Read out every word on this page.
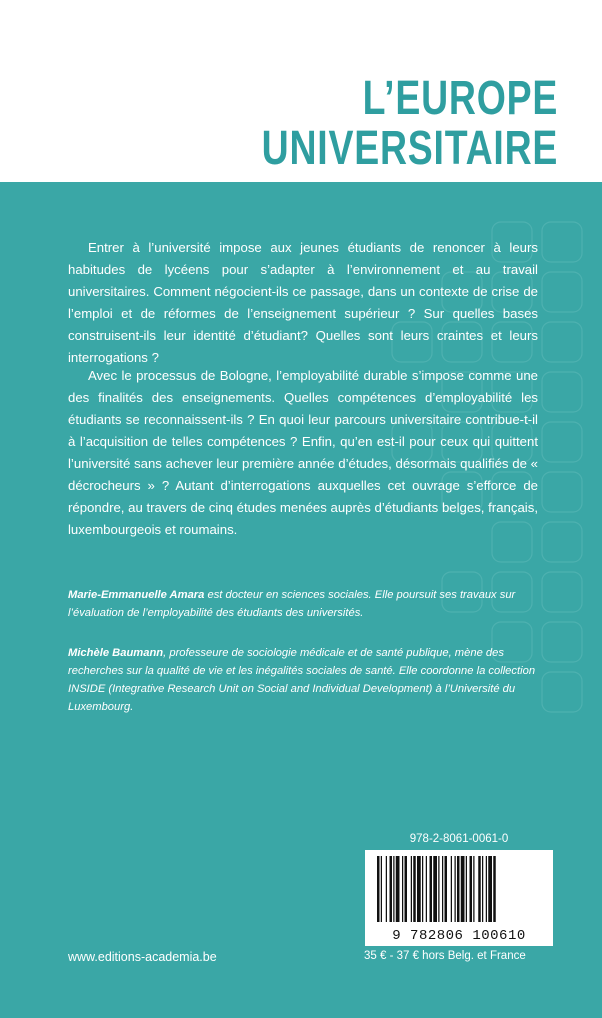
L’EUROPE
UNIVERSITAIRE

Entrer à l’université impose aux jeunes étudiants de renoncer à leurs habitudes de lycéens pour s’adapter à l’environnement et au travail universitaires. Comment négocient-ils ce passage, dans un contexte de crise de l’emploi et de réformes de l’enseignement supérieur ? Sur quelles bases construisent-ils leur identité d’étudiant? Quelles sont leurs craintes et leurs interrogations ?

Avec le processus de Bologne, l’employabilité durable s’impose comme une des finalités des enseignements. Quelles compétences d’employabilité les étudiants se reconnaissent-ils ? En quoi leur parcours universitaire contribue-t-il à l’acquisition de telles compétences ? Enfin, qu’en est-il pour ceux qui quittent l’université sans achever leur première année d’études, désormais qualifiés de « décrocheurs » ? Autant d’interrogations auxquelles cet ouvrage s’efforce de répondre, au travers de cinq études menées auprès d’étudiants belges, français, luxembourgeois et roumains.

Marie-Emmanuelle Amara est docteur en sciences sociales. Elle poursuit ses travaux sur l’évaluation de l’employabilité des étudiants des universités.

Michèle Baumann, professeure de sociologie médicale et de santé publique, mène des recherches sur la qualité de vie et les inégalités sociales de santé. Elle coordonne la collection INSIDE (Integrative Research Unit on Social and Individual Development) à l’Université du Luxembourg.

978-2-8061-0061-0
9 782806 100610
www.editions-academia.be	35 € - 37 € hors Belg. et France
